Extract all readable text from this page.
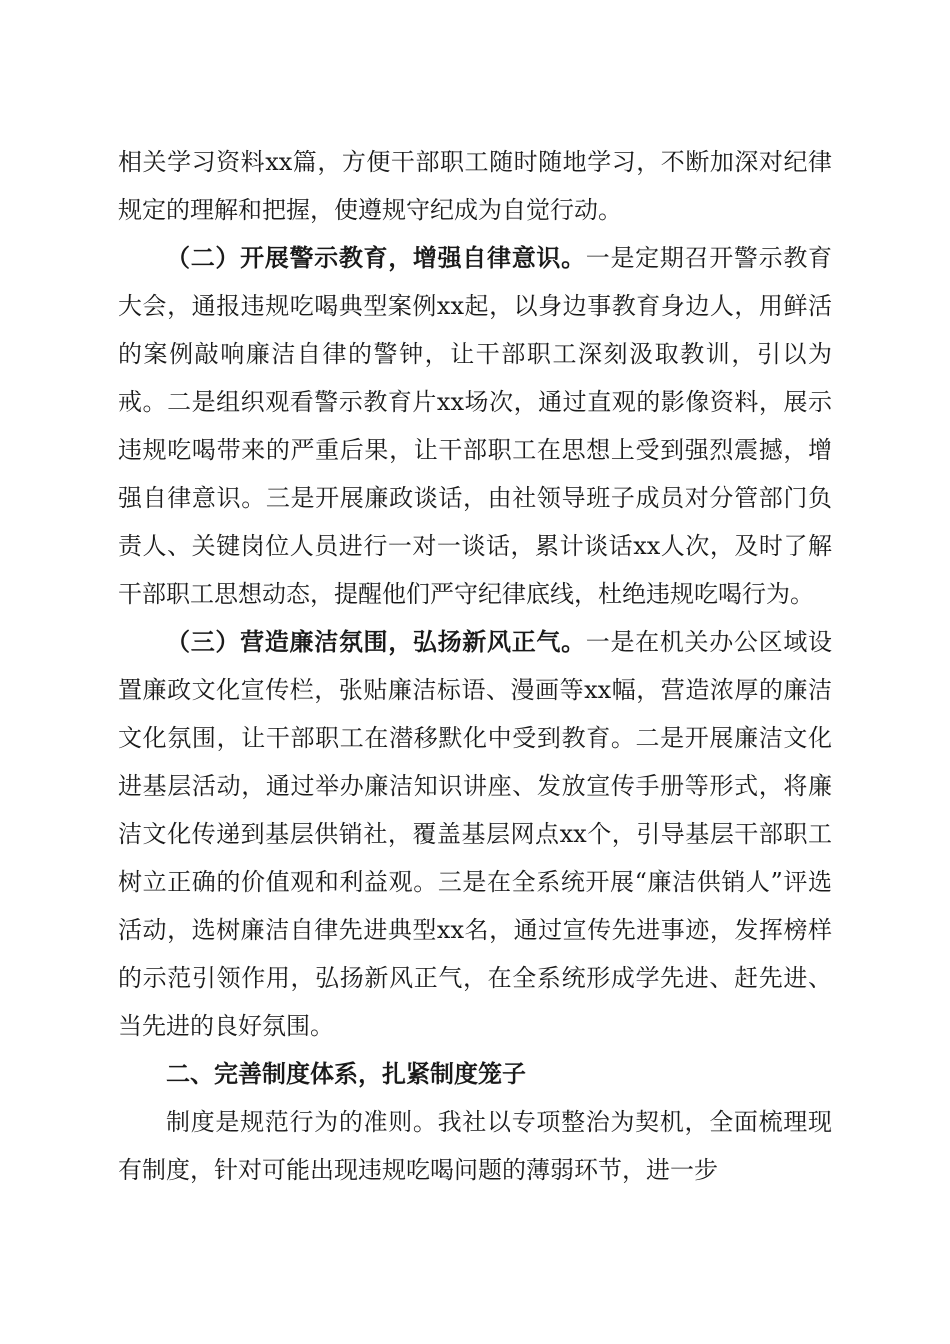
相关学习资料xx篇，方便干部职工随时随地学习，不断加深对纪律规定的理解和把握，使遵规守纪成为自觉行动。

（二）开展警示教育，增强自律意识。一是定期召开警示教育大会，通报违规吃喝典型案例xx起，以身边事教育身边人，用鲜活的案例敲响廉洁自律的警钟，让干部职工深刻汲取教训，引以为戒。二是组织观看警示教育片xx场次，通过直观的影像资料，展示违规吃喝带来的严重后果，让干部职工在思想上受到强烈震撼，增强自律意识。三是开展廉政谈话，由社领导班子成员对分管部门负责人、关键岗位人员进行一对一谈话，累计谈话xx人次，及时了解干部职工思想动态，提醒他们严守纪律底线，杜绝违规吃喝行为。

（三）营造廉洁氛围，弘扬新风正气。一是在机关办公区域设置廉政文化宣传栏，张贴廉洁标语、漫画等xx幅，营造浓厚的廉洁文化氛围，让干部职工在潜移默化中受到教育。二是开展廉洁文化进基层活动，通过举办廉洁知识讲座、发放宣传手册等形式，将廉洁文化传递到基层供销社，覆盖基层网点xx个，引导基层干部职工树立正确的价值观和利益观。三是在全系统开展“廉洁供销人”评选活动，选树廉洁自律先进典型xx名，通过宣传先进事迹，发挥榜样的示范引领作用，弘扬新风正气，在全系统形成学先进、赶先进、当先进的良好氛围。

二、完善制度体系，扎紧制度笼子

制度是规范行为的准则。我社以专项整治为契机，全面梳理现有制度，针对可能出现违规吃喝问题的薄弱环节，进一步
